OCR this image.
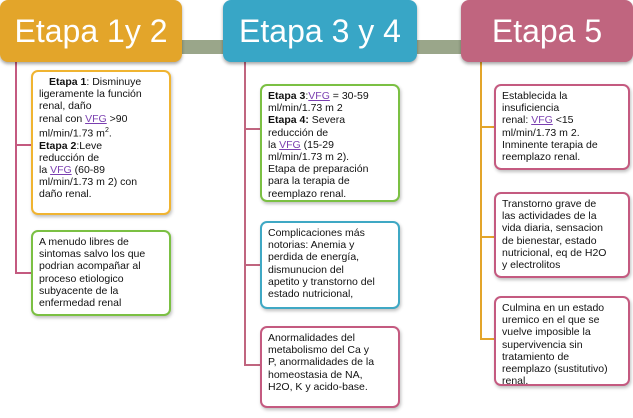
Etapa 1y 2
Etapa 1: Disminuye
ligeramente la función
renal, daño
renal con VFG >90
ml/min/1.73 $m^2$.
Etapa 2:Leve
reducción de
la VFG (60-89
ml/min/1.73 m 2) con
daño renal.
A menudo libres de
sintomas salvo los que
podrian acompañar al
proceso etiologico
subyacente de la
enfermedad renal
Etapa 3 y 4
Etapa 3:VFG = 30-59
ml/min/1.73 m 2
Etapa 4: Severa
reducción de
la VFG (15-29
ml/min/1.73 m 2).
Etapa de preparación
para la terapia de
reemplazo renal.
Complicaciones más
notorias: Anemia y
perdida de energía,
dismunucion del
apetito y transtorno del
estado nutricional,
Anormalidades del
metabolismo del Ca y
P, anormalidades de la
homeostasia de NA,
H2O, K y acido-base.
Etapa 5
Establecida la
insuficiencia
renal: VFG <15
ml/min/1.73 m 2.
Inminente terapia de
reemplazo renal.
Transtorno grave de
las actividades de la
vida diaria, sensacion
de bienestar, estado
nutricional, eq de H2O
y electrolitos
Culmina en un estado
uremico en el que se
vuelve imposible la
supervivencia sin
tratamiento de
reemplazo (sustitutivo)
renal.
